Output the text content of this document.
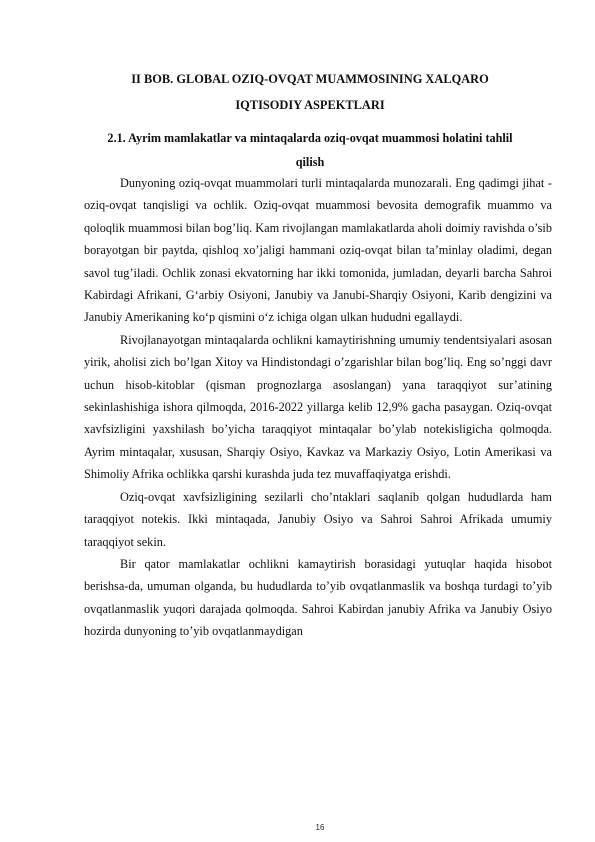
II BOB. GLOBAL OZIQ-OVQAT MUAMMOSINING XALQARO IQTISODIY ASPEKTLARI
2.1. Ayrim mamlakatlar va mintaqalarda oziq-ovqat muammosi holatini tahlil qilish

Dunyoning oziq-ovqat muammolari turli mintaqalarda munozarali. Eng qadimgi jihat - oziq-ovqat tanqisligi va ochlik. Oziq-ovqat muammosi bevosita demografik muammo va qoloqlik muammosi bilan bog’liq. Kam rivojlangan mamlakatlarda aholi doimiy ravishda o’sib borayotgan bir paytda, qishloq xo’jaligi hammani oziq-ovqat bilan ta’minlay oladimi, degan savol tug’iladi. Ochlik zonasi ekvatorning har ikki tomonida, jumladan, deyarli barcha Sahroi Kabirdagi Afrikani, G‘arbiy Osiyoni, Janubiy va Janubi-Sharqiy Osiyoni, Karib dengizini va Janubiy Amerikaning ko‘p qismini o‘z ichiga olgan ulkan hududni egallaydi.

Rivojlanayotgan mintaqalarda ochlikni kamaytirishning umumiy tendentsiyalari asosan yirik, aholisi zich bo’lgan Xitoy va Hindistondagi o’zgarishlar bilan bog’liq. Eng so’nggi davr uchun hisob-kitoblar (qisman prognozlarga asoslangan) yana taraqqiyot sur’atining sekinlashishiga ishora qilmoqda, 2016-2022 yillarga kelib 12,9% gacha pasaygan. Oziq-ovqat xavfsizligini yaxshilash bo’yicha taraqqiyot mintaqalar bo’ylab notekisligicha qolmoqda. Ayrim mintaqalar, xususan, Sharqiy Osiyo, Kavkaz va Markaziy Osiyo, Lotin Amerikasi va Shimoliy Afrika ochlikka qarshi kurashda juda tez muvaffaqiyatga erishdi.

Oziq-ovqat xavfsizligining sezilarli cho’ntaklari saqlanib qolgan hududlarda ham taraqqiyot notekis. Ikki mintaqada, Janubiy Osiyo va Sahroi Sahroi Afrikada umumiy taraqqiyot sekin.

Bir qator mamlakatlar ochlikni kamaytirish borasidagi yutuqlar haqida hisobot berishsa-da, umuman olganda, bu hududlarda to’yib ovqatlanmaslik va boshqa turdagi to’yib ovqatlanmaslik yuqori darajada qolmoqda. Sahroi Kabirdan janubiy Afrika va Janubiy Osiyo hozirda dunyoning to’yib ovqatlanmaydigan

16
